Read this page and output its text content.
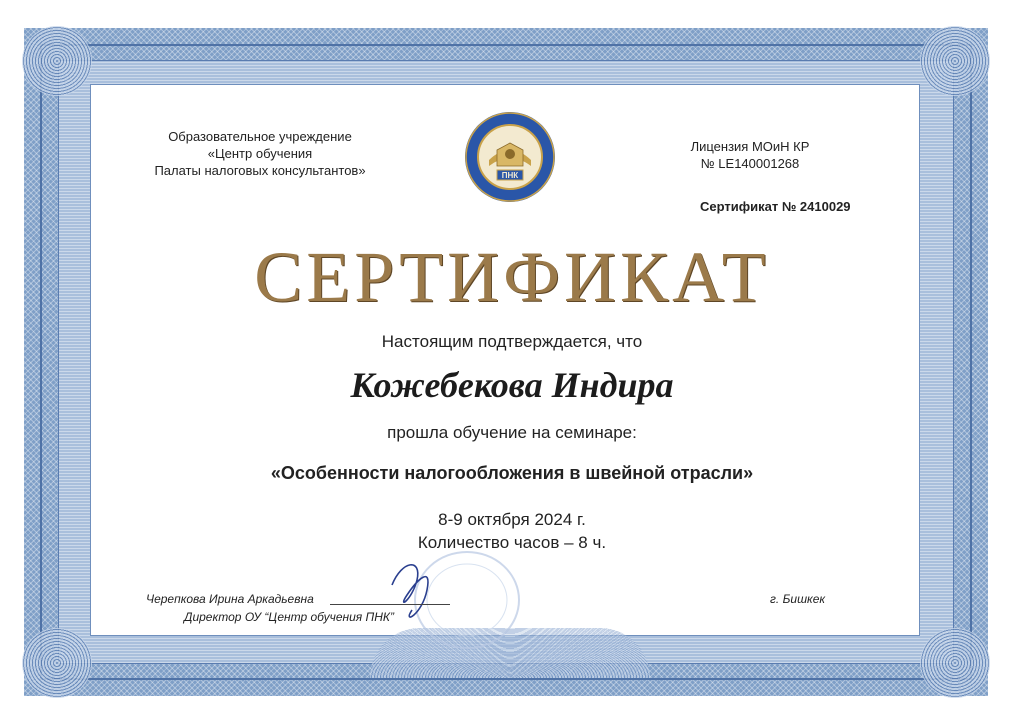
Образовательное учреждение
«Центр обучения
Палаты налоговых консультантов»	ПНК
Лицензия МОиН КР
№ LE140001268
Сертификат № 2410029
СЕРТИФИКАТ
Настоящим подтверждается, что
Кожебекова Индира
прошла обучение на семинаре:
«Особенности налогообложения в швейной отрасли»
8-9 октября 2024 г.
Количество часов – 8 ч.
Черепкова Ирина Аркадьевна
Директор ОУ “Центр обучения ПНК”
г. Бишкек
